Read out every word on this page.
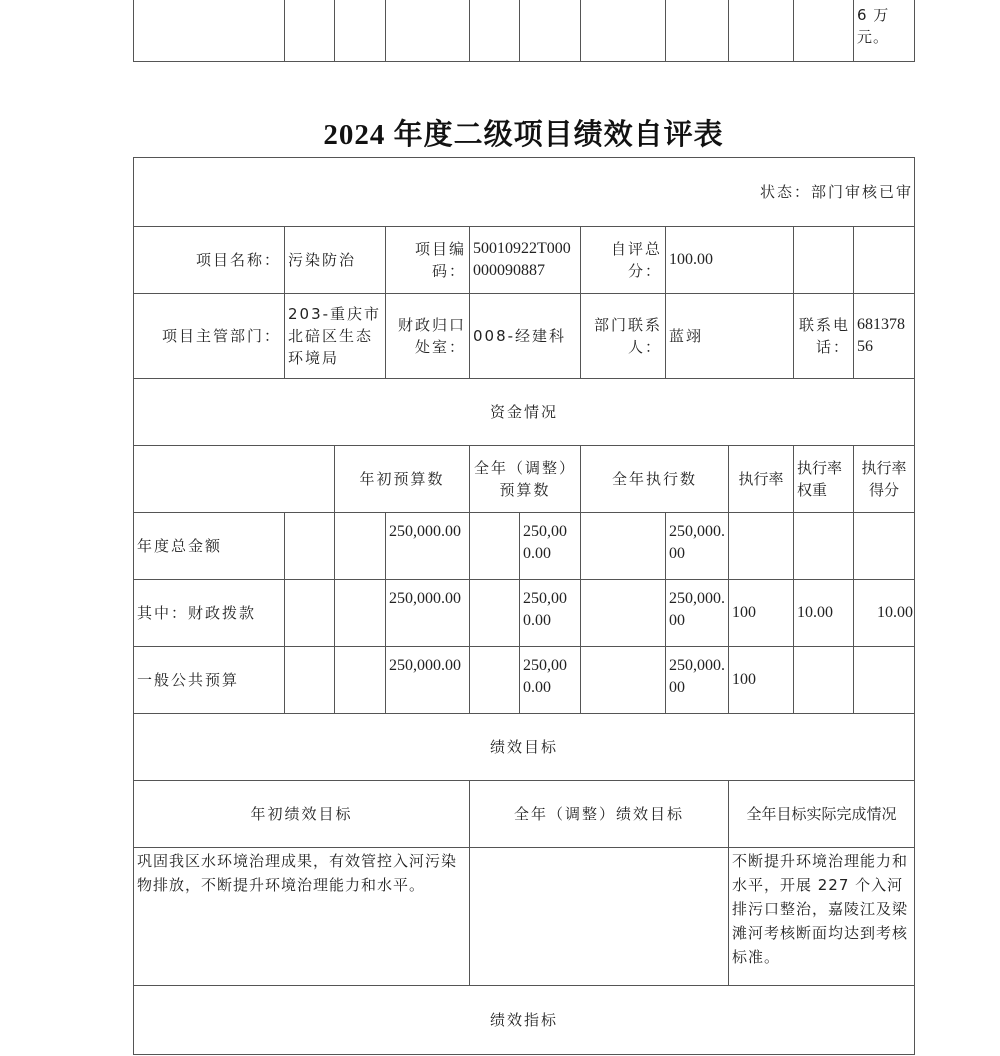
										6 万元。
2024 年度二级项目绩效自评表
状态：部门审核已审										
项目名称：	污染防治		项目编码：	50010922T000000090887		自评总分：	100.00			
项目主管部门：	203-重庆市北碚区生态环境局		财政归口处室：	008-经建科		部门联系人：	蓝翊		联系电话：	68137856
资金情况										
		年初预算数		全年（调整）预算数		全年执行数		执行率	执行率权重	执行率得分
年度总金额			250,000.00		250,000.00		250,000.00			
其中：财政拨款			250,000.00		250,000.00		250,000.00	100	10.00	10.00
一般公共预算			250,000.00		250,000.00		250,000.00	100		
绩效目标										
年初绩效目标				全年（调整）绩效目标				全年目标实际完成情况		
巩固我区水环境治理成果，有效管控入河污染物排放，不断提升环境治理能力和水平。								不断提升环境治理能力和水平，开展 227 个入河排污口整治，嘉陵江及梁滩河考核断面均达到考核标准。		
绩效指标										
